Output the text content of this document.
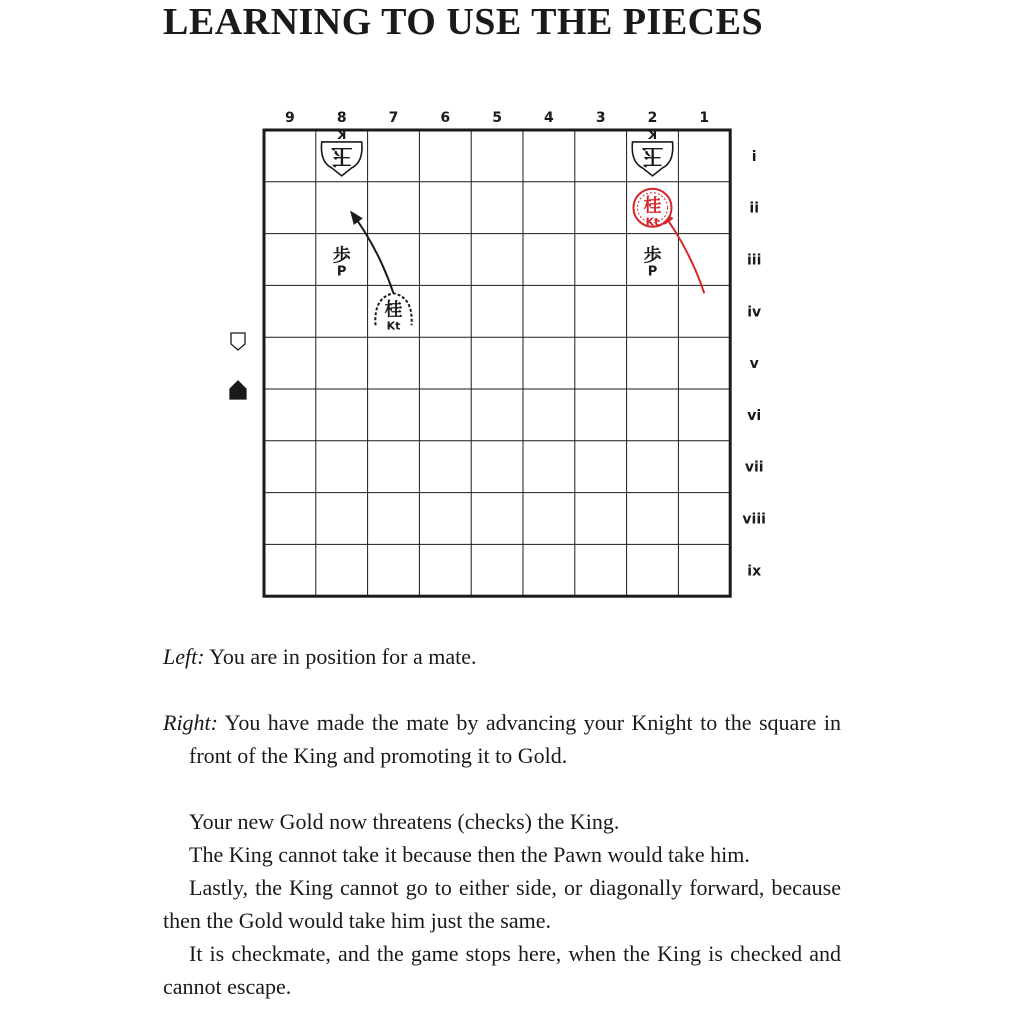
LEARNING TO USE THE PIECES
9	8	7	6	5	4	3	2	1
i
ii
iii
iv
v
vi
vii
viii
ix
K
玉
K
玉
桂
Kt
歩
P
歩
P
桂
Kt

Left: You are in position for a mate.

Right: You have made the mate by advancing your Knight to the square in front of the King and promoting it to Gold.

Your new Gold now threatens (checks) the King.

The King cannot take it because then the Pawn would take him.

Lastly, the King cannot go to either side, or diagonally forward, because then the Gold would take him just the same.

It is checkmate, and the game stops here, when the King is checked and cannot escape.
